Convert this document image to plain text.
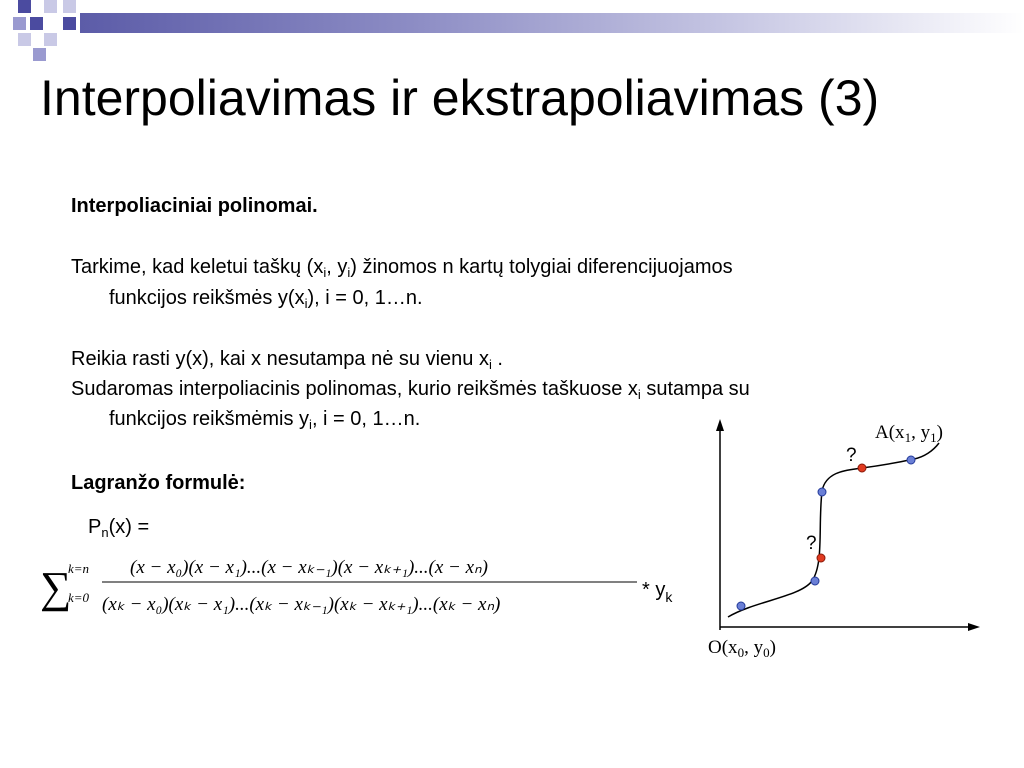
Interpoliavimas ir ekstrapoliavimas (3)
Interpoliaciniai polinomai.
Tarkime, kad keletui taškų ($x_i$, $y_i$) žinomos n kartų tolygiai diferencijuojamos
funkcijos reikšmės $y(x_i)$, i = 0, 1…n.
Reikia rasti y(x), kai x nesutampa nė su vienu $x_i$ .
Sudaromas interpoliacinis polinomas, kurio reikšmės taškuose $x_i$ sutampa su
funkcijos reikšmėmis $y_i$, i = 0, 1…n.
Lagranžo formulė:
$P_n(x)$ =
∑
k=n
k=0
(x − x₀)(x − x₁)...(x − xₖ₋₁)(x − xₖ₊₁)...(x − xₙ)
(xₖ − x₀)(xₖ − x₁)...(xₖ − xₖ₋₁)(xₖ − xₖ₊₁)...(xₖ − xₙ)
* $y_k$
?
?
$A(x_1$, $y_1$)
$O(x_0$, $y_0$)
